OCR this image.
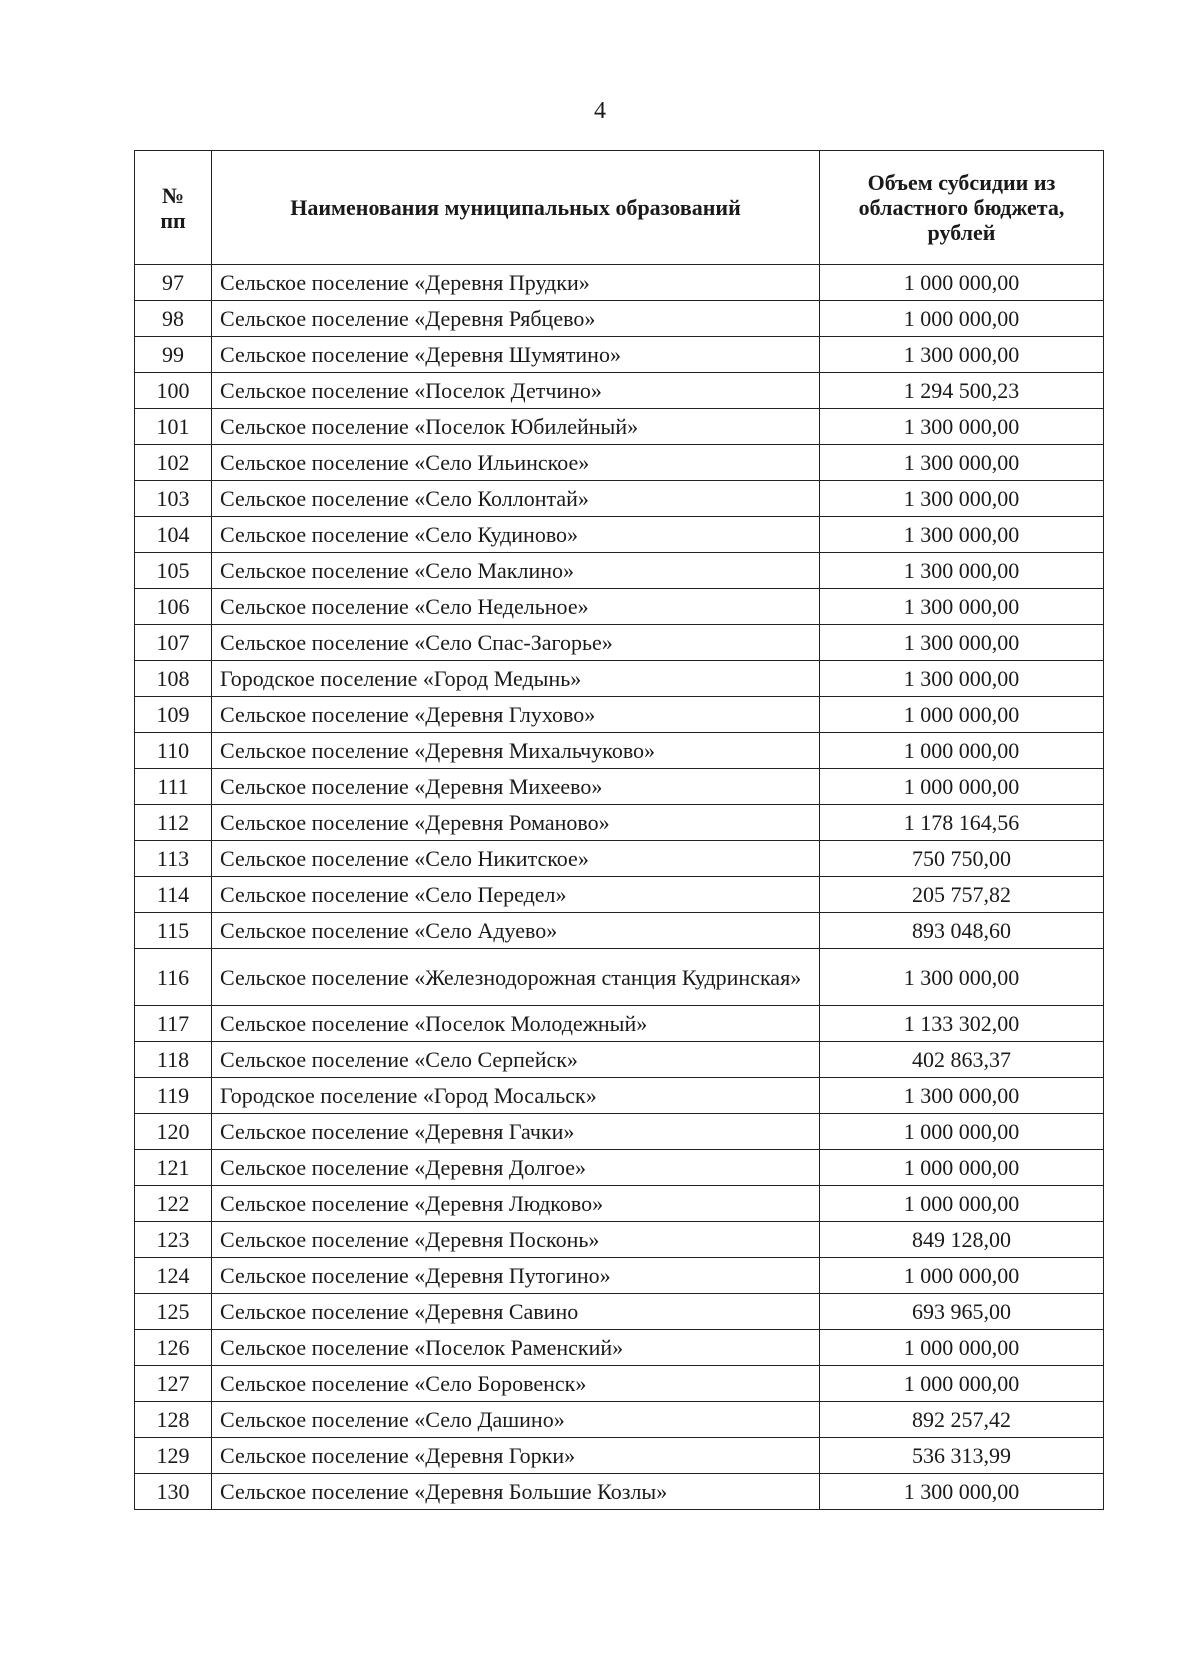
4
№
пп	Наименования муниципальных образований	Объем субсидии из областного бюджета, рублей
97	Сельское поселение «Деревня Прудки»	1 000 000,00
98	Сельское поселение «Деревня Рябцево»	1 000 000,00
99	Сельское поселение «Деревня Шумятино»	1 300 000,00
100	Сельское поселение «Поселок Детчино»	1 294 500,23
101	Сельское поселение «Поселок Юбилейный»	1 300 000,00
102	Сельское поселение «Село Ильинское»	1 300 000,00
103	Сельское поселение «Село Коллонтай»	1 300 000,00
104	Сельское поселение «Село Кудиново»	1 300 000,00
105	Сельское поселение «Село Маклино»	1 300 000,00
106	Сельское поселение «Село Недельное»	1 300 000,00
107	Сельское поселение «Село Спас-Загорье»	1 300 000,00
108	Городское поселение «Город Медынь»	1 300 000,00
109	Сельское поселение «Деревня Глухово»	1 000 000,00
110	Сельское поселение «Деревня Михальчуково»	1 000 000,00
111	Сельское поселение «Деревня Михеево»	1 000 000,00
112	Сельское поселение «Деревня Романово»	1 178 164,56
113	Сельское поселение «Село Никитское»	750 750,00
114	Сельское поселение «Село Передел»	205 757,82
115	Сельское поселение «Село Адуево»	893 048,60
116	Сельское поселение «Железнодорожная станция Кудринская»	1 300 000,00
117	Сельское поселение «Поселок Молодежный»	1 133 302,00
118	Сельское поселение «Село Серпейск»	402 863,37
119	Городское поселение «Город Мосальск»	1 300 000,00
120	Сельское поселение «Деревня Гачки»	1 000 000,00
121	Сельское поселение «Деревня Долгое»	1 000 000,00
122	Сельское поселение «Деревня Людково»	1 000 000,00
123	Сельское поселение «Деревня Посконь»	849 128,00
124	Сельское поселение «Деревня Путогино»	1 000 000,00
125	Сельское поселение «Деревня Савино	693 965,00
126	Сельское поселение «Поселок Раменский»	1 000 000,00
127	Сельское поселение «Село Боровенск»	1 000 000,00
128	Сельское поселение «Село Дашино»	892 257,42
129	Сельское поселение «Деревня Горки»	536 313,99
130	Сельское поселение «Деревня Большие Козлы»	1 300 000,00
